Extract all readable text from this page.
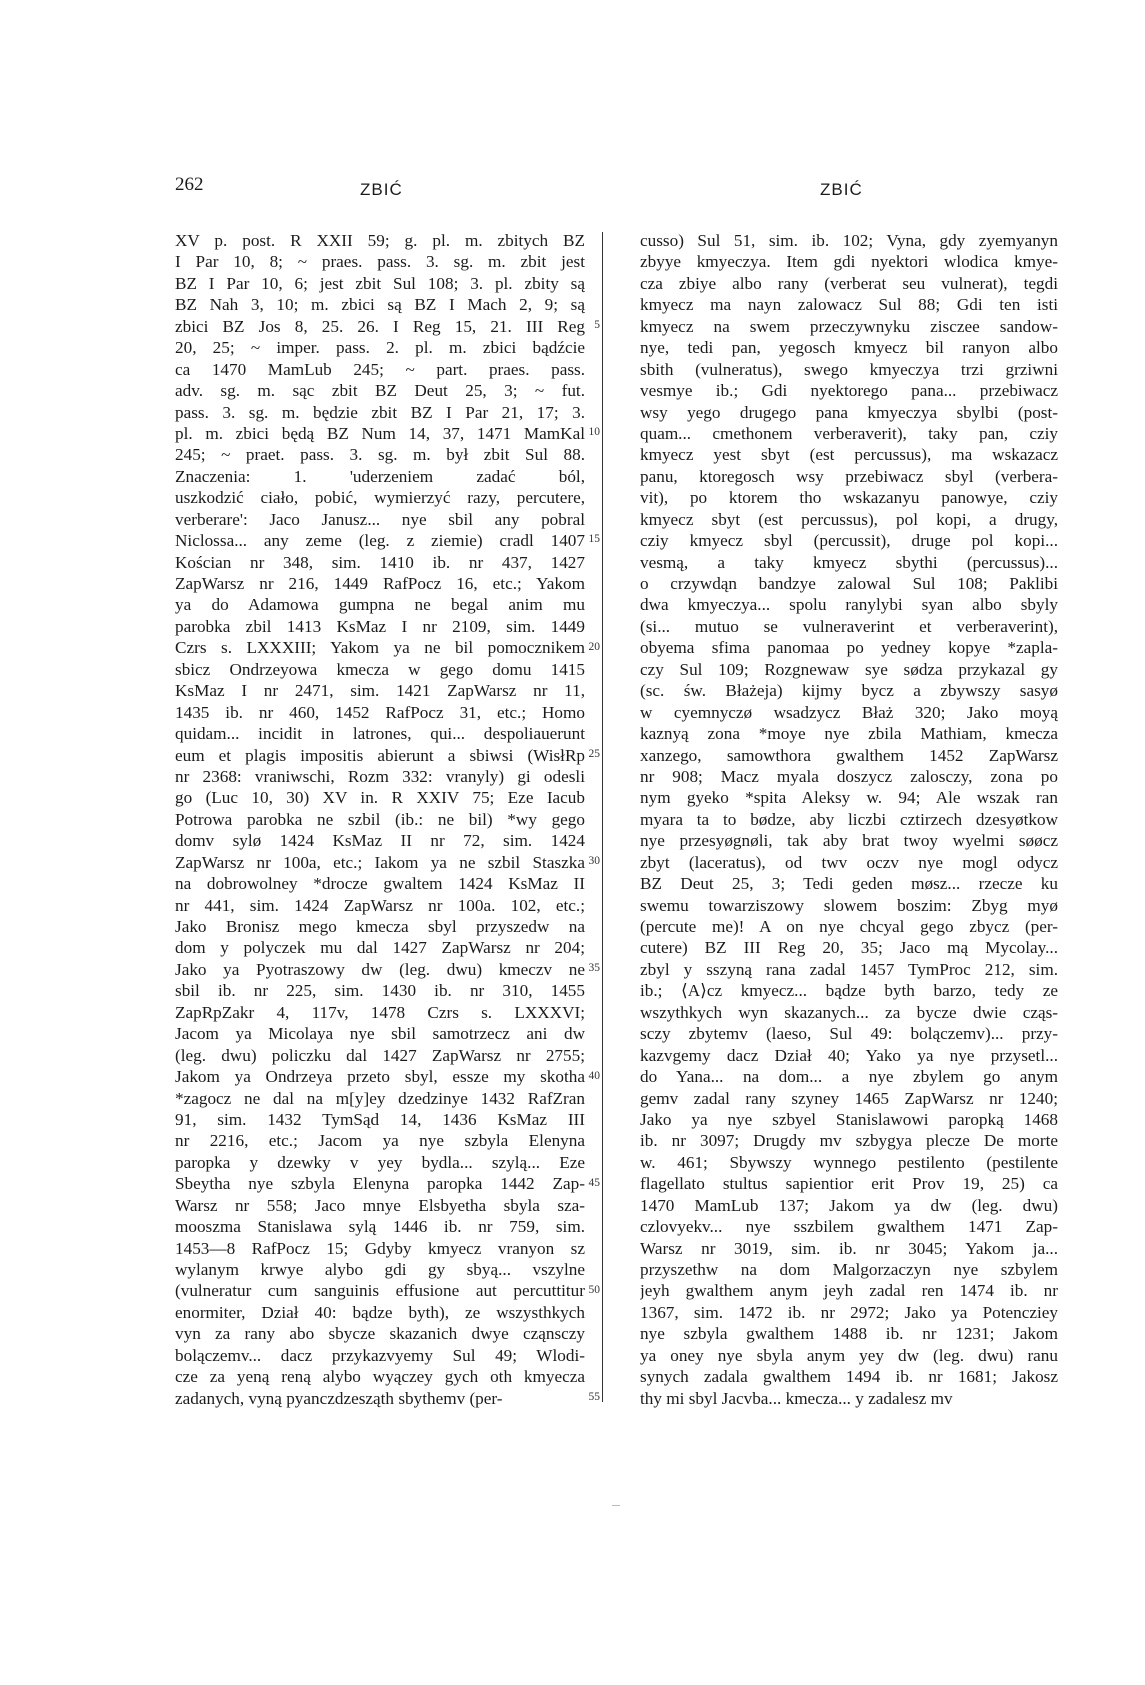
262	ZBIĆ	ZBIĆ
XV p. post. R XXII 59; g. pl. m. zbitych BZ
I Par 10, 8; ~ praes. pass. 3. sg. m. zbit jest
BZ I Par 10, 6; jest zbit Sul 108; 3. pl. zbity są
BZ Nah 3, 10; m. zbici są BZ I Mach 2, 9; są
zbici BZ Jos 8, 25. 26. I Reg 15, 21. III Reg
20, 25; ~ imper. pass. 2. pl. m. zbici bądźcie
ca 1470 MamLub 245; ~ part. praes. pass.
adv. sg. m. sąc zbit BZ Deut 25, 3; ~ fut.
pass. 3. sg. m. będzie zbit BZ I Par 21, 17; 3.
pl. m. zbici będą BZ Num 14, 37, 1471 MamKal
245; ~ praet. pass. 3. sg. m. był zbit Sul 88.
Znaczenia: 1. 'uderzeniem zadać ból,
uszkodzić ciało, pobić, wymierzyć razy, percutere,
verberare': Jaco Janusz... nye sbil any pobral
Niclossa... any zeme (leg. z ziemie) cradl 1407
Kościan nr 348, sim. 1410 ib. nr 437, 1427
ZapWarsz nr 216, 1449 RafPocz 16, etc.; Yakom
ya do Adamowa gumpna ne begal anim mu
parobka zbil 1413 KsMaz I nr 2109, sim. 1449
Czrs s. LXXXIII; Yakom ya ne bil pomocznikem
sbicz Ondrzeyowa kmecza w gego domu 1415
KsMaz I nr 2471, sim. 1421 ZapWarsz nr 11,
1435 ib. nr 460, 1452 RafPocz 31, etc.; Homo
quidam... incidit in latrones, qui... despoliauerunt
eum et plagis impositis abierunt a sbiwsi (WisłRp
nr 2368: vraniwschi, Rozm 332: vranyly) gi odesli
go (Luc 10, 30) XV in. R XXIV 75; Eze Iacub
Potrowa parobka ne szbil (ib.: ne bil) *wy gego
domv sylø 1424 KsMaz II nr 72, sim. 1424
ZapWarsz nr 100a, etc.; Iakom ya ne szbil Staszka
na dobrowolney *drocze gwaltem 1424 KsMaz II
nr 441, sim. 1424 ZapWarsz nr 100a. 102, etc.;
Jako Bronisz mego kmecza sbyl przyszedw na
dom y polyczek mu dal 1427 ZapWarsz nr 204;
Jako ya Pyotraszowy dw (leg. dwu) kmeczv ne
sbil ib. nr 225, sim. 1430 ib. nr 310, 1455
ZapRpZakr 4, 117v, 1478 Czrs s. LXXXVI;
Jacom ya Micolaya nye sbil samotrzecz ani dw
(leg. dwu) policzku dal 1427 ZapWarsz nr 2755;
Jakom ya Ondrzeya przeto sbyl, essze my skotha
*zagocz ne dal na m[y]ey dzedzinye 1432 RafZran
91, sim. 1432 TymSąd 14, 1436 KsMaz III
nr 2216, etc.; Jacom ya nye szbyla Elenyna
paropka y dzewky v yey bydla... szylą... Eze
Sbeytha nye szbyla Elenyna paropka 1442 Zap-
Warsz nr 558; Jaco mnye Elsbyetha sbyla sza-
mooszma Stanislawa sylą 1446 ib. nr 759, sim.
1453—8 RafPocz 15; Gdyby kmyecz vranyon sz
wylanym krwye alybo gdi gy sbyą... vszylne
(vulneratur cum sanguinis effusione aut percuttitur
enormiter, Dział 40: bądze byth), ze wszysthkych
vyn za rany abo sbycze skazanich dwye cząnsczy
bolączemv... dacz przykazvyemy Sul 49; Wlodi-
cze za yeną reną alybo wyączey gych oth kmyecza
zadanych, vyną pyanczdzesząth sbythemv (per-
5
10
15
20
25
30
35
40
45
50
55
cusso) Sul 51, sim. ib. 102; Vyna, gdy zyemyanyn
zbyye kmyeczya. Item gdi nyektori wlodica kmye-
cza zbiye albo rany (verberat seu vulnerat), tegdi
kmyecz ma nayn zalowacz Sul 88; Gdi ten isti
kmyecz na swem przeczywnyku zisczee sandow-
nye, tedi pan, yegosch kmyecz bil ranyon albo
sbith (vulneratus), swego kmyeczya trzi grziwni
vesmye ib.; Gdi nyektorego pana... przebiwacz
wsy yego drugego pana kmyeczya sbylbi (post-
quam... cmethonem verberaverit), taky pan, cziy
kmyecz yest sbyt (est percussus), ma wskazacz
panu, ktoregosch wsy przebiwacz sbyl (verbera-
vit), po ktorem tho wskazanyu panowye, cziy
kmyecz sbyt (est percussus), pol kopi, a drugy,
cziy kmyecz sbyl (percussit), druge pol kopi...
vesmą, a taky kmyecz sbythi (percussus)...
o crzywdąn bandzye zalowal Sul 108; Paklibi
dwa kmyeczya... spolu ranylybi syan albo sbyly
(si... mutuo se vulneraverint et verberaverint),
obyema sfima panomaa po yedney kopye *zapla-
czy Sul 109; Rozgnewaw sye sødza przykazal gy
(sc. św. Błażeja) kijmy bycz a zbywszy sasyø
w cyemnyczø wsadzycz Błaż 320; Jako moyą
kaznyą zona *moye nye zbila Mathiam, kmecza
xanzego, samowthora gwalthem 1452 ZapWarsz
nr 908; Macz myala doszycz zalosczy, zona po
nym gyeko *spita Aleksy w. 94; Ale wszak ran
myara ta to bødze, aby liczbi cztirzech dzesyøtkow
nye przesyøgnøli, tak aby brat twoy wyelmi søøcz
zbyt (laceratus), od twv oczv nye mogl odycz
BZ Deut 25, 3; Tedi geden møsz... rzecze ku
swemu towarziszowy slowem boszim: Zbyg myø
(percute me)! A on nye chcyal gego zbycz (per-
cutere) BZ III Reg 20, 35; Jaco mą Mycolay...
zbyl y sszyną rana zadal 1457 TymProc 212, sim.
ib.; ⟨A⟩cz kmyecz... bądze byth barzo, tedy ze
wszythkych wyn skazanych... za bycze dwie cząs-
sczy zbytemv (laeso, Sul 49: bolączemv)... przy-
kazvgemy dacz Dział 40; Yako ya nye przysetl...
do Yana... na dom... a nye zbylem go anym
gemv zadal rany szyney 1465 ZapWarsz nr 1240;
Jako ya nye szbyel Stanislawowi paropką 1468
ib. nr 3097; Drugdy mv szbygya plecze De morte
w. 461; Sbywszy wynnego pestilento (pestilente
flagellato stultus sapientior erit Prov 19, 25) ca
1470 MamLub 137; Jakom ya dw (leg. dwu)
czlovyekv... nye sszbilem gwalthem 1471 Zap-
Warsz nr 3019, sim. ib. nr 3045; Yakom ja...
przyszethw na dom Malgorzaczyn nye szbylem
jeyh gwalthem anym jeyh zadal ren 1474 ib. nr
1367, sim. 1472 ib. nr 2972; Jako ya Potencziey
nye szbyla gwalthem 1488 ib. nr 1231; Jakom
ya oney nye sbyla anym yey dw (leg. dwu) ranu
synych zadala gwalthem 1494 ib. nr 1681; Jakosz
thy mi sbyl Jacvba... kmecza... y zadalesz mv
